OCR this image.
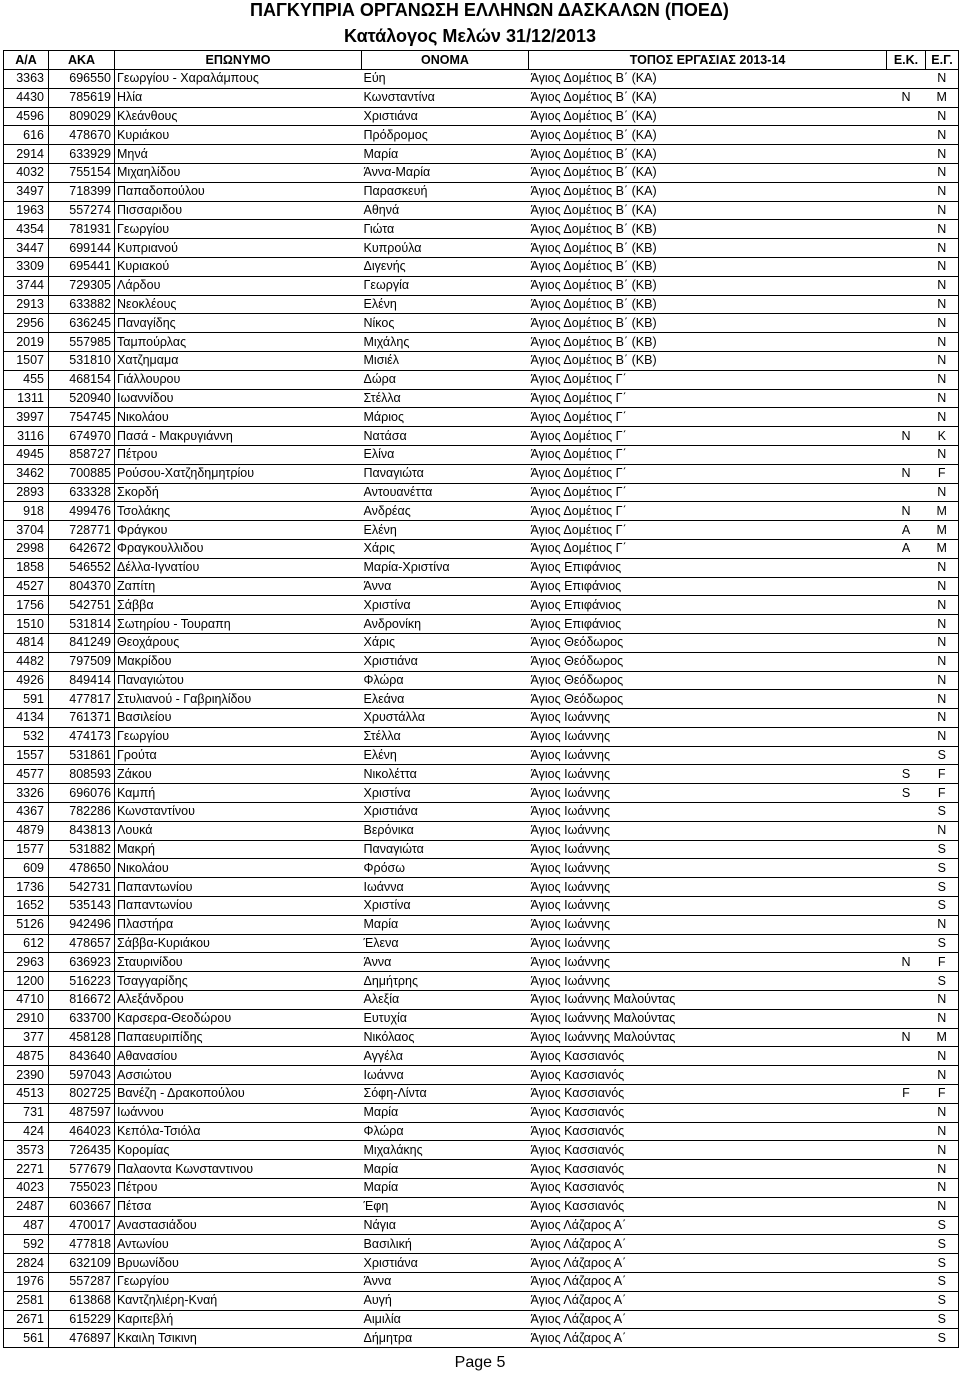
ΠΑΓΚΥΠΡΙΑ ΟΡΓΑΝΩΣΗ ΕΛΛΗΝΩΝ ΔΑΣΚΑΛΩΝ (ΠΟΕΔ)
Κατάλογος Μελών 31/12/2013
Α/Α	ΑΚΑ	ΕΠΩΝΥΜΟ	ΟΝΟΜΑ	ΤΟΠΟΣ ΕΡΓΑΣΙΑΣ 2013-14	Ε.Κ.	Ε.Γ.
3363	696550	Γεωργίου - Χαραλάμπους	Εύη	Άγιος Δομέτιος Β΄ (ΚΑ)		Ν
4430	785619	Ηλία	Κωνσταντίνα	Άγιος Δομέτιος Β΄ (ΚΑ)	Ν	Μ
4596	809029	Κλεάνθους	Χριστιάνα	Άγιος Δομέτιος Β΄ (ΚΑ)		Ν
616	478670	Κυριάκου	Πρόδρομος	Άγιος Δομέτιος Β΄ (ΚΑ)		Ν
2914	633929	Μηνά	Μαρία	Άγιος Δομέτιος Β΄ (ΚΑ)		Ν
4032	755154	Μιχαηλίδου	Άννα-Μαρία	Άγιος Δομέτιος Β΄ (ΚΑ)		Ν
3497	718399	Παπαδοπούλου	Παρασκευή	Άγιος Δομέτιος Β΄ (ΚΑ)		Ν
1963	557274	Πισσαριδου	Αθηνά	Άγιος Δομέτιος Β΄ (ΚΑ)		Ν
4354	781931	Γεωργίου	Γιώτα	Άγιος Δομέτιος Β΄ (ΚΒ)		Ν
3447	699144	Κυπριανού	Κυπρούλα	Άγιος Δομέτιος Β΄ (ΚΒ)		Ν
3309	695441	Κυριακού	Διγενής	Άγιος Δομέτιος Β΄ (ΚΒ)		Ν
3744	729305	Λάρδου	Γεωργία	Άγιος Δομέτιος Β΄ (ΚΒ)		Ν
2913	633882	Νεοκλέους	Ελένη	Άγιος Δομέτιος Β΄ (ΚΒ)		Ν
2956	636245	Παναγίδης	Νίκος	Άγιος Δομέτιος Β΄ (ΚΒ)		Ν
2019	557985	Ταμπούρλας	Μιχάλης	Άγιος Δομέτιος Β΄ (ΚΒ)		Ν
1507	531810	Χατζημαμα	Μισιέλ	Άγιος Δομέτιος Β΄ (ΚΒ)		Ν
455	468154	Γιάλλουρου	Δώρα	Άγιος Δομέτιος Γ΄		Ν
1311	520940	Ιωαννίδου	Στέλλα	Άγιος Δομέτιος Γ΄		Ν
3997	754745	Νικολάου	Μάριος	Άγιος Δομέτιος Γ΄		Ν
3116	674970	Πασά - Μακρυγιάννη	Νατάσα	Άγιος Δομέτιος Γ΄	Ν	Κ
4945	858727	Πέτρου	Ελίνα	Άγιος Δομέτιος Γ΄		Ν
3462	700885	Ρούσου-Χατζηδημητρίου	Παναγιώτα	Άγιος Δομέτιος Γ΄	Ν	F
2893	633328	Σκορδή	Αντουανέττα	Άγιος Δομέτιος Γ΄		Ν
918	499476	Τσολάκης	Ανδρέας	Άγιος Δομέτιος Γ΄	Ν	Μ
3704	728771	Φράγκου	Ελένη	Άγιος Δομέτιος Γ΄	Α	Μ
2998	642672	Φραγκουλλιδου	Χάρις	Άγιος Δομέτιος Γ΄	Α	Μ
1858	546552	Δέλλα-Ιγνατίου	Μαρία-Χριστίνα	Άγιος Επιφάνιος		Ν
4527	804370	Ζαπίτη	Άννα	Άγιος Επιφάνιος		Ν
1756	542751	Σάββα	Χριστίνα	Άγιος Επιφάνιος		Ν
1510	531814	Σωτηρίου - Τουραπη	Ανδρονίκη	Άγιος Επιφάνιος		Ν
4814	841249	Θεοχάρους	Χάρις	Άγιος Θεόδωρος		Ν
4482	797509	Μακρίδου	Χριστιάνα	Άγιος Θεόδωρος		Ν
4926	849414	Παναγιώτου	Φλώρα	Άγιος Θεόδωρος		Ν
591	477817	Στυλιανού - Γαβριηλίδου	Ελεάνα	Άγιος Θεόδωρος		Ν
4134	761371	Βασιλείου	Χρυστάλλα	Άγιος Ιωάννης		Ν
532	474173	Γεωργίου	Στέλλα	Άγιος Ιωάννης		Ν
1557	531861	Γρούτα	Ελένη	Άγιος Ιωάννης		S
4577	808593	Ζάκου	Νικολέττα	Άγιος Ιωάννης	S	F
3326	696076	Καμπή	Χριστίνα	Άγιος Ιωάννης	S	F
4367	782286	Κωνσταντίνου	Χριστιάνα	Άγιος Ιωάννης		S
4879	843813	Λουκά	Βερόνικα	Άγιος Ιωάννης		Ν
1577	531882	Μακρή	Παναγιώτα	Άγιος Ιωάννης		S
609	478650	Νικολάου	Φρόσω	Άγιος Ιωάννης		S
1736	542731	Παπαντωνίου	Ιωάννα	Άγιος Ιωάννης		S
1652	535143	Παπαντωνίου	Χριστίνα	Άγιος Ιωάννης		S
5126	942496	Πλαστήρα	Μαρία	Άγιος Ιωάννης		Ν
612	478657	Σάββα-Κυριάκου	Έλενα	Άγιος Ιωάννης		S
2963	636923	Σταυρινίδου	Άννα	Άγιος Ιωάννης	Ν	F
1200	516223	Τσαγγαρίδης	Δημήτρης	Άγιος Ιωάννης		S
4710	816672	Αλεξάνδρου	Αλεξία	Άγιος Ιωάννης Μαλούντας		Ν
2910	633700	Καρσερα-Θεοδώρου	Ευτυχία	Άγιος Ιωάννης Μαλούντας		Ν
377	458128	Παπαευριπίδης	Νικόλαος	Άγιος Ιωάννης Μαλούντας	Ν	Μ
4875	843640	Αθανασίου	Αγγέλα	Άγιος Κασσιανός		Ν
2390	597043	Ασσιώτου	Ιωάννα	Άγιος Κασσιανός		Ν
4513	802725	Βανέζη - Δρακοπούλου	Σόφη-Λίντα	Άγιος Κασσιανός	F	F
731	487597	Ιωάννου	Μαρία	Άγιος Κασσιανός		Ν
424	464023	Κεπόλα-Τσιόλα	Φλώρα	Άγιος Κασσιανός		Ν
3573	726435	Κορομίας	Μιχαλάκης	Άγιος Κασσιανός		Ν
2271	577679	Παλαοντα Κωνσταντινου	Μαρία	Άγιος Κασσιανός		Ν
4023	755023	Πέτρου	Μαρία	Άγιος Κασσιανός		Ν
2487	603667	Πέτσα	Έφη	Άγιος Κασσιανός		Ν
487	470017	Αναστασιάδου	Νάγια	Άγιος Λάζαρος Α΄		S
592	477818	Αντωνίου	Βασιλική	Άγιος Λάζαρος Α΄		S
2824	632109	Βρυωνίδου	Χριστιάνα	Άγιος Λάζαρος Α΄		S
1976	557287	Γεωργίου	Άννα	Άγιος Λάζαρος Α΄		S
2581	613868	Καντζηλιέρη-Κναή	Αυγή	Άγιος Λάζαρος Α΄		S
2671	615229	Καριτεβλή	Αιμιλία	Άγιος Λάζαρος Α΄		S
561	476897	Κκαιλη Τσικινη	Δήμητρα	Άγιος Λάζαρος Α΄		S
Page 5
